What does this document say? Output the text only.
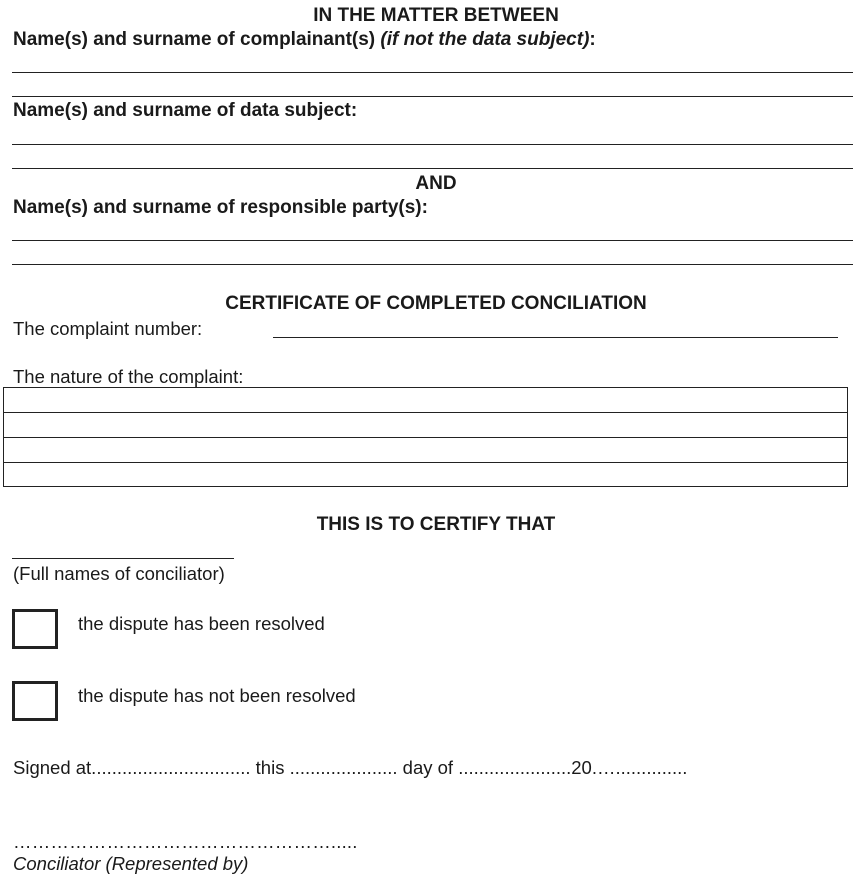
IN THE MATTER BETWEEN
Name(s) and surname of complainant(s) (if not the data subject):
Name(s) and surname of data subject:
AND
Name(s) and surname of responsible party(s):
CERTIFICATE OF COMPLETED CONCILIATION
The complaint number:
The nature of the complaint:
THIS IS TO CERTIFY THAT
(Full names of conciliator)
the dispute has been resolved
the dispute has not been resolved
Signed at............................... this ..................... day of ......................20.…..............
…………………………………………….....
Conciliator (Represented by)
